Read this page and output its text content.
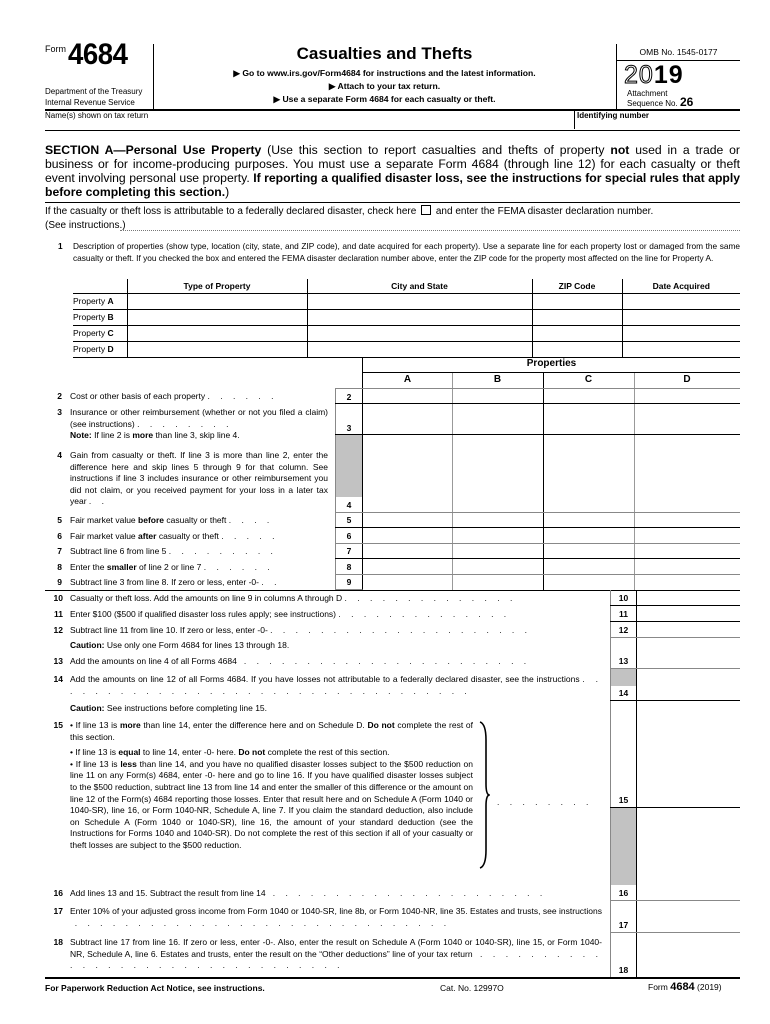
Form 4684
Department of the Treasury
Internal Revenue Service
Casualties and Thefts
▶ Go to www.irs.gov/Form4684 for instructions and the latest information.
▶ Attach to your tax return.
▶ Use a separate Form 4684 for each casualty or theft.
OMB No. 1545-0177
2019
Attachment
Sequence No. 26
Name(s) shown on tax return	Identifying number
SECTION A—Personal Use Property (Use this section to report casualties and thefts of property not used in a trade or business or for income-producing purposes. You must use a separate Form 4684 (through line 12) for each casualty or theft event involving personal use property. If reporting a qualified disaster loss, see the instructions for special rules that apply before completing this section.)
If the casualty or theft loss is attributable to a federally declared disaster, check here and enter the FEMA disaster declaration number.
(See instructions.)
1 Description of properties (show type, location (city, state, and ZIP code), and date acquired for each property). Use a separate line for each property lost or damaged from the same casualty or theft. If you checked the box and entered the FEMA disaster declaration number above, enter the ZIP code for the property most affected on the line for Property A.
	Type of Property	City and State	ZIP Code	Date Acquired
Property A				
Property B				
Property C				
Property D				
Properties
A	B	C	D
2
3
4
5
6
7
8
9
2 Cost or other basis of each property . . . . . .
3 Insurance or other reimbursement (whether or not you filed a claim) (see instructions) . . . . . . . .
Note: If line 2 is more than line 3, skip line 4.
4 Gain from casualty or theft. If line 3 is more than line 2, enter the difference here and skip lines 5 through 9 for that column. See instructions if line 3 includes insurance or other reimbursement you did not claim, or you received payment for your loss in a later tax year . .
5 Fair market value before casualty or theft . . . .
6 Fair market value after casualty or theft . . . . .
7 Subtract line 6 from line 5 . . . . . . . . .
8 Enter the smaller of line 2 or line 7 . . . . . .
9 Subtract line 3 from line 8. If zero or less, enter -0- . .
10
11
12
13
14
15
16
17
18
10 Casualty or theft loss. Add the amounts on line 9 in columns A through D . . . . . . . . . . . . . .
11 Enter $100 ($500 if qualified disaster loss rules apply; see instructions) . . . . . . . . . . . . . .
12 Subtract line 11 from line 10. If zero or less, enter -0- . . . . . . . . . . . . . . . . . . . . .
Caution: Use only one Form 4684 for lines 13 through 18.
13 Add the amounts on line 4 of all Forms 4684 . . . . . . . . . . . . . . . . . . . . . . .
14 Add the amounts on line 12 of all Forms 4684. If you have losses not attributable to a federally declared disaster, see the instructions . . . . . . . . . . . . . . . . . . . . . . . . . . . . . . . . . .
Caution: See instructions before completing line 15.
15 • If line 13 is more than line 14, enter the difference here and on Schedule D. Do not complete the rest of this section.
• If line 13 is equal to line 14, enter -0- here. Do not complete the rest of this section.
• If line 13 is less than line 14, and you have no qualified disaster losses subject to the $500 reduction on line 11 on any Form(s) 4684, enter -0- here and go to line 16. If you have qualified disaster losses subject to the $500 reduction, subtract line 13 from line 14 and enter the smaller of this difference or the amount on line 12 of the Form(s) 4684 reporting those losses. Enter that result here and on Schedule A (Form 1040 or 1040-SR), line 16, or Form 1040-NR, Schedule A, line 7. If you claim the standard deduction, also include on Schedule A (Form 1040 or 1040-SR), line 16, the amount of your standard deduction (see the Instructions for Forms 1040 and 1040-SR). Do not complete the rest of this section if all of your casualty or theft losses are subject to the $500 reduction.
. . . . . . . .
16 Add lines 13 and 15. Subtract the result from line 14 . . . . . . . . . . . . . . . . . . . . . .
17 Enter 10% of your adjusted gross income from Form 1040 or 1040-SR, line 8b, or Form 1040-NR, line 35. Estates and trusts, see instructions   . . . . . . . . . . . . . . . . . . . . . . . . . . . . . .
18 Subtract line 17 from line 16. If zero or less, enter -0-. Also, enter the result on Schedule A (Form 1040 or 1040-SR), line 15, or Form 1040-NR, Schedule A, line 6. Estates and trusts, enter the result on the “Other deductions” line of your tax return . . . . . . . . . . . . . . . . . . . . . . . . . . . . . . . .
For Paperwork Reduction Act Notice, see instructions.	Cat. No. 12997O	Form 4684 (2019)
